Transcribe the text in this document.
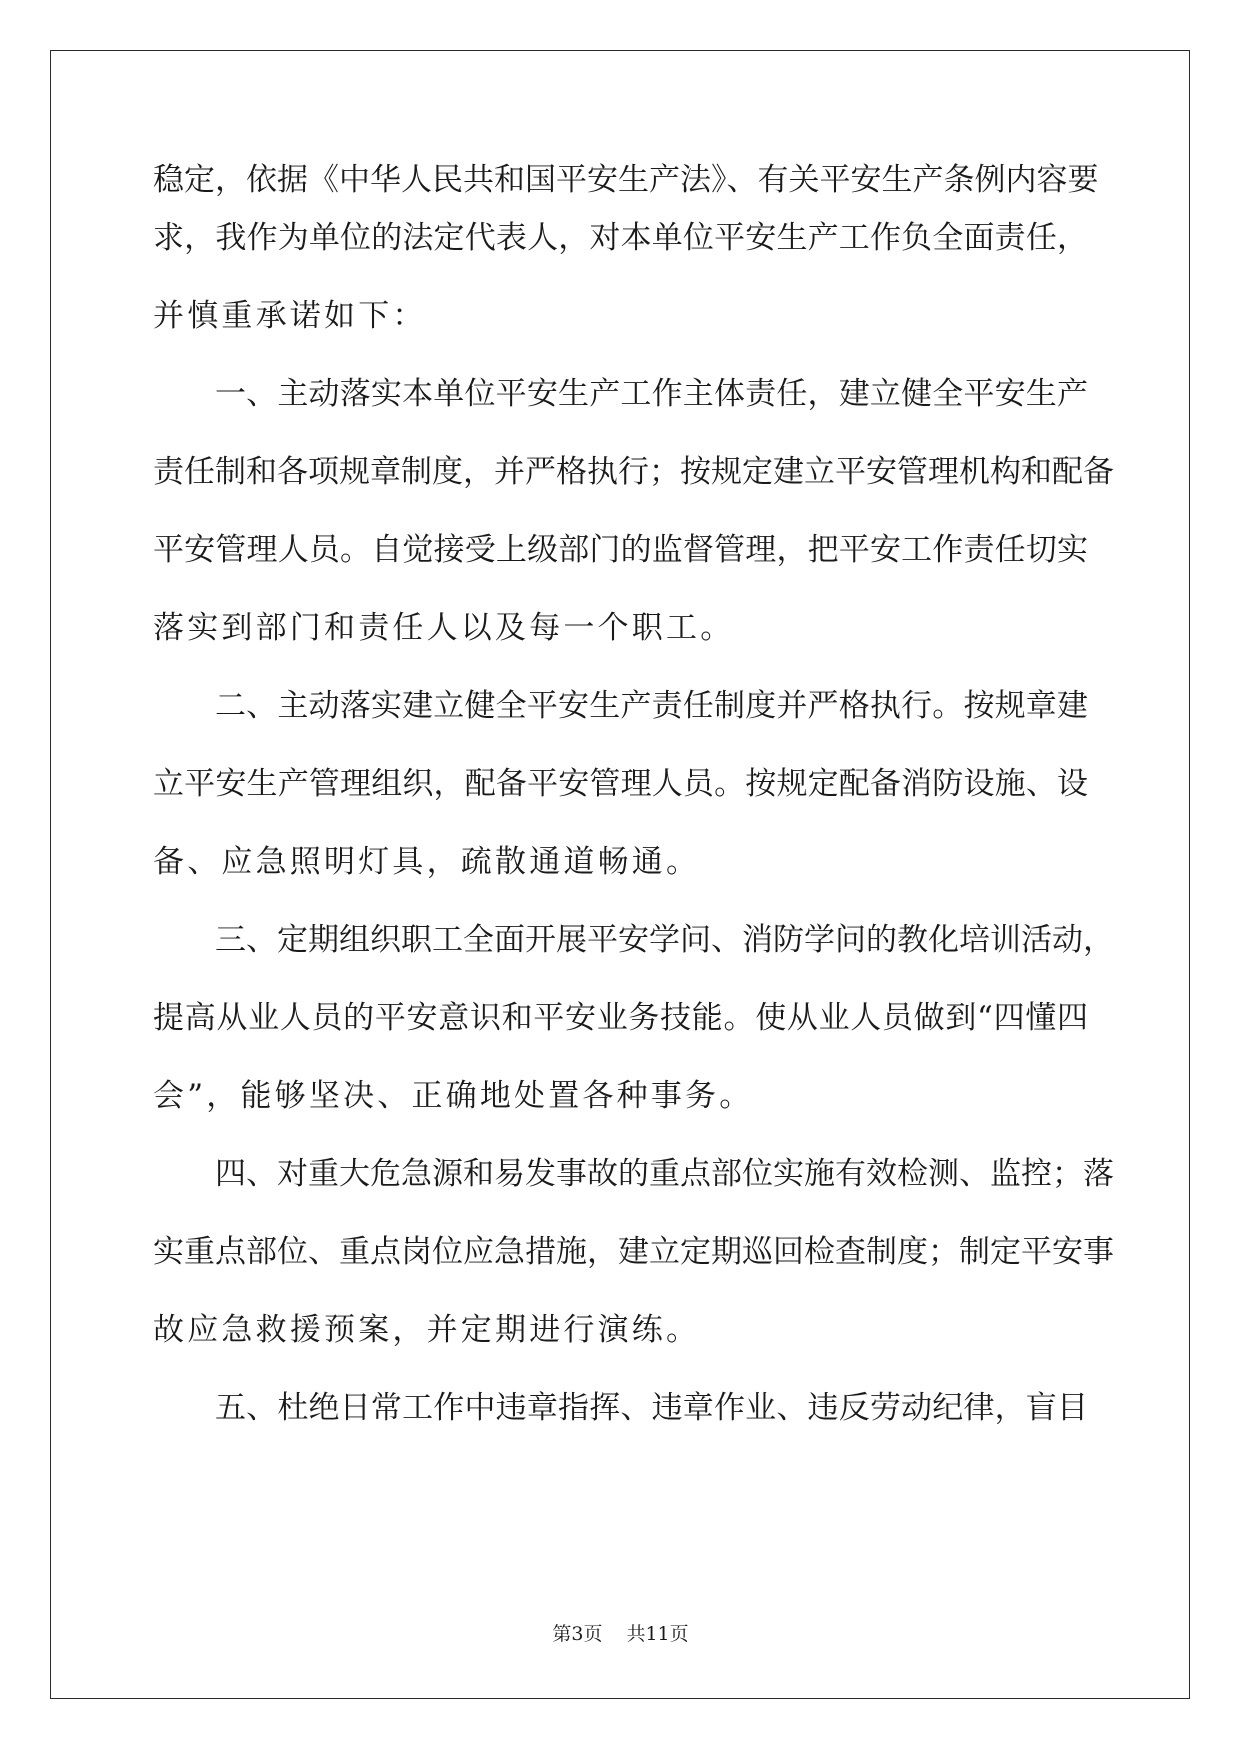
稳定，依据《中华人民共和国平安生产法》、有关平安生产条例内容要
求，我作为单位的法定代表人，对本单位平安生产工作负全面责任，
并慎重承诺如下：
一、主动落实本单位平安生产工作主体责任，建立健全平安生产
责任制和各项规章制度，并严格执行；按规定建立平安管理机构和配备
平安管理人员。自觉接受上级部门的监督管理，把平安工作责任切实
落实到部门和责任人以及每一个职工。
二、主动落实建立健全平安生产责任制度并严格执行。按规章建
立平安生产管理组织，配备平安管理人员。按规定配备消防设施、设
备、应急照明灯具，疏散通道畅通。
三、定期组织职工全面开展平安学问、消防学问的教化培训活动，
提高从业人员的平安意识和平安业务技能。使从业人员做到“四懂四
会”，能够坚决、正确地处置各种事务。
四、对重大危急源和易发事故的重点部位实施有效检测、监控；落
实重点部位、重点岗位应急措施，建立定期巡回检查制度；制定平安事
故应急救援预案，并定期进行演练。
五、杜绝日常工作中违章指挥、违章作业、违反劳动纪律，盲目
第3页 共11页
